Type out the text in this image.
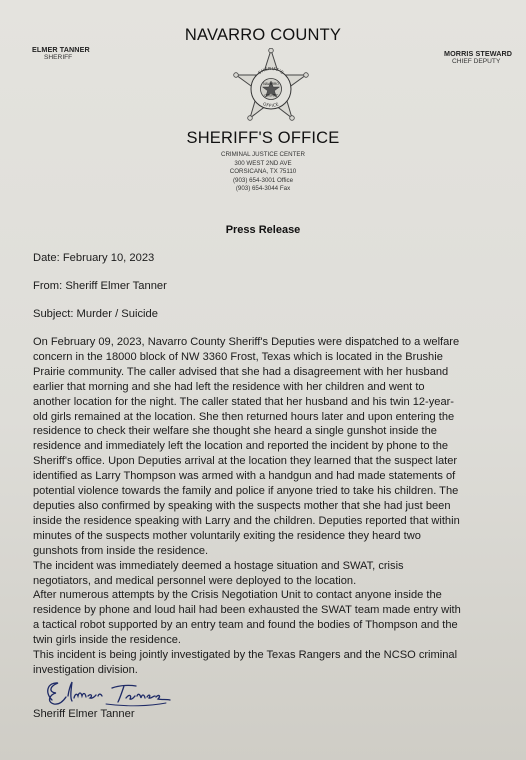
ELMER TANNER
SHERIFF
NAVARRO COUNTY
MORRIS STEWARD
CHIEF DEPUTY
SHERIFF'S
NAVARRO
COUNTY
OFFICE
SHERIFF'S OFFICE
CRIMINAL JUSTICE CENTER
300 WEST 2ND AVE
CORSICANA, TX 75110
(903) 654-3001 Office
(903) 654-3044 Fax
Press Release
Date: February 10, 2023
From: Sheriff Elmer Tanner
Subject: Murder / Suicide

On February 09, 2023, Navarro County Sheriff's Deputies were dispatched to a welfare

concern in the 18000 block of NW 3360 Frost, Texas which is located in the Brushie

Prairie community. The caller advised that she had a disagreement with her husband

earlier that morning and she had left the residence with her children and went to

another location for the night. The caller stated that her husband and his twin 12-year-

old girls remained at the location. She then returned hours later and upon entering the

residence to check their welfare she thought she heard a single gunshot inside the

residence and immediately left the location and reported the incident by phone to the

Sheriff's office. Upon Deputies arrival at the location they learned that the suspect later

identified as Larry Thompson was armed with a handgun and had made statements of

potential violence towards the family and police if anyone tried to take his children. The

deputies also confirmed by speaking with the suspects mother that she had just been

inside the residence speaking with Larry and the children. Deputies reported that within

minutes of the suspects mother voluntarily exiting the residence they heard two

gunshots from inside the residence.

The incident was immediately deemed a hostage situation and SWAT, crisis

negotiators, and medical personnel were deployed to the location.

After numerous attempts by the Crisis Negotiation Unit to contact anyone inside the

residence by phone and loud hail had been exhausted the SWAT team made entry with

a tactical robot supported by an entry team and found the bodies of Thompson and the

twin girls inside the residence.

This incident is being jointly investigated by the Texas Rangers and the NCSO criminal

investigation division.

Sheriff Elmer Tanner
